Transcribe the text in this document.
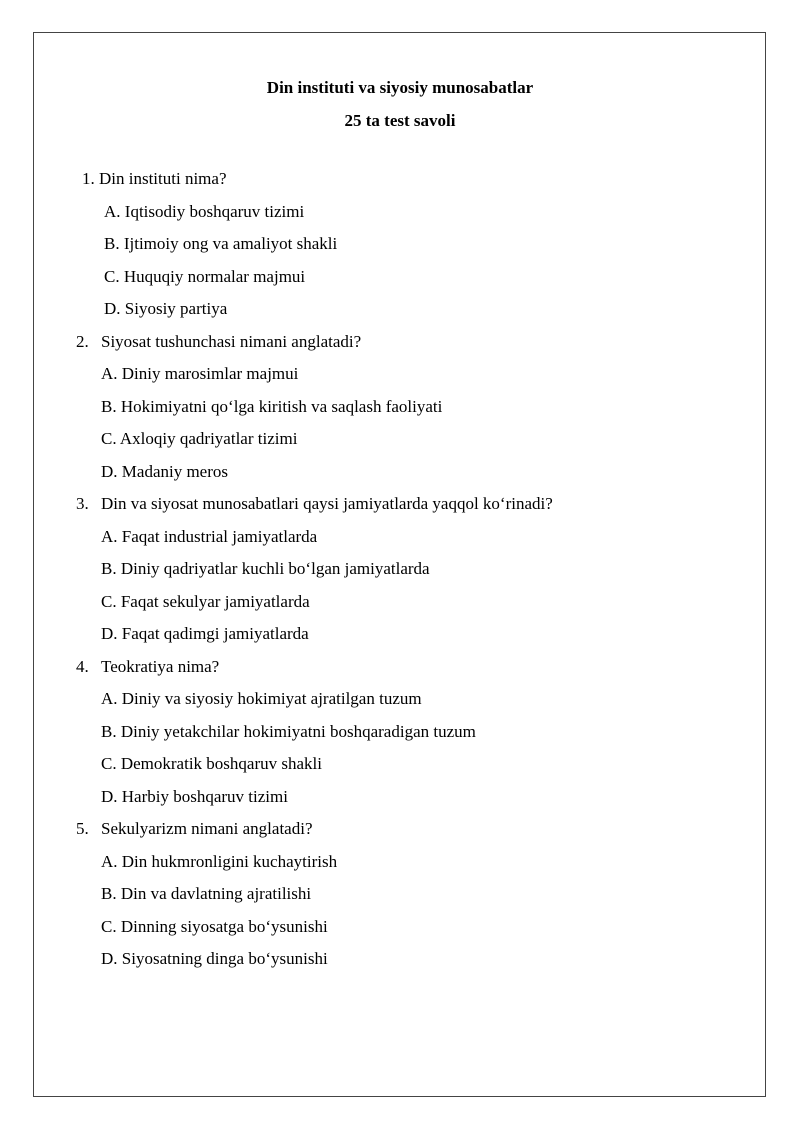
Din instituti va siyosiy munosabatlar
25 ta test savoli
1. Din instituti nima?
A. Iqtisodiy boshqaruv tizimi
B. Ijtimoiy ong va amaliyot shakli
C. Huquqiy normalar majmui
D. Siyosiy partiya
2. Siyosat tushunchasi nimani anglatadi?
A. Diniy marosimlar majmui
B. Hokimiyatni qo‘lga kiritish va saqlash faoliyati
C. Axloqiy qadriyatlar tizimi
D. Madaniy meros
3. Din va siyosat munosabatlari qaysi jamiyatlarda yaqqol ko‘rinadi?
A. Faqat industrial jamiyatlarda
B. Diniy qadriyatlar kuchli bo‘lgan jamiyatlarda
C. Faqat sekulyar jamiyatlarda
D. Faqat qadimgi jamiyatlarda
4. Teokratiya nima?
A. Diniy va siyosiy hokimiyat ajratilgan tuzum
B. Diniy yetakchilar hokimiyatni boshqaradigan tuzum
C. Demokratik boshqaruv shakli
D. Harbiy boshqaruv tizimi
5. Sekulyarizm nimani anglatadi?
A. Din hukmronligini kuchaytirish
B. Din va davlatning ajratilishi
C. Dinning siyosatga bo‘ysunishi
D. Siyosatning dinga bo‘ysunishi
